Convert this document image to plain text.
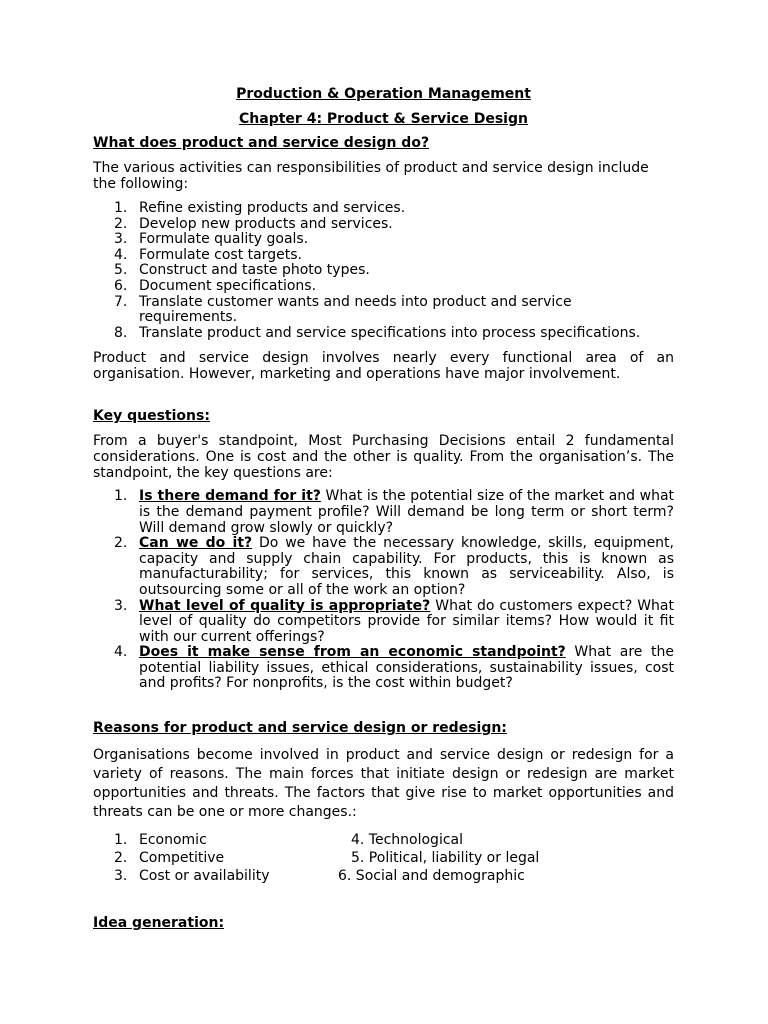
Production & Operation Management

Chapter 4: Product & Service Design

What does product and service design do?

The various activities can responsibilities of product and service design include the following:

1. Refine existing products and services.
2. Develop new products and services.
3. Formulate quality goals.
4. Formulate cost targets.
5. Construct and taste photo types.
6. Document specifications.
7. Translate customer wants and needs into product and service requirements.
8. Translate product and service specifications into process specifications.

Product and service design involves nearly every functional area of an organisation. However, marketing and operations have major involvement.

Key questions:

From a buyer's standpoint, Most Purchasing Decisions entail 2 fundamental considerations. One is cost and the other is quality. From the organisation’s. The standpoint, the key questions are:

1. Is there demand for it? What is the potential size of the market and what is the demand payment profile? Will demand be long term or short term? Will demand grow slowly or quickly?
2. Can we do it? Do we have the necessary knowledge, skills, equipment, capacity and supply chain capability. For products, this is known as manufacturability; for services, this known as serviceability. Also, is outsourcing some or all of the work an option?
3. What level of quality is appropriate? What do customers expect? What level of quality do competitors provide for similar items? How would it fit with our current offerings?
4. Does it make sense from an economic standpoint? What are the potential liability issues, ethical considerations, sustainability issues, cost and profits? For nonprofits, is the cost within budget?

Reasons for product and service design or redesign:

Organisations become involved in product and service design or redesign for a variety of reasons. The main forces that initiate design or redesign are market opportunities and threats. The factors that give rise to market opportunities and threats can be one or more changes.:

1. Economic	4. Technological
2. Competitive	5. Political, liability or legal
3. Cost or availability	6. Social and demographic

Idea generation:
